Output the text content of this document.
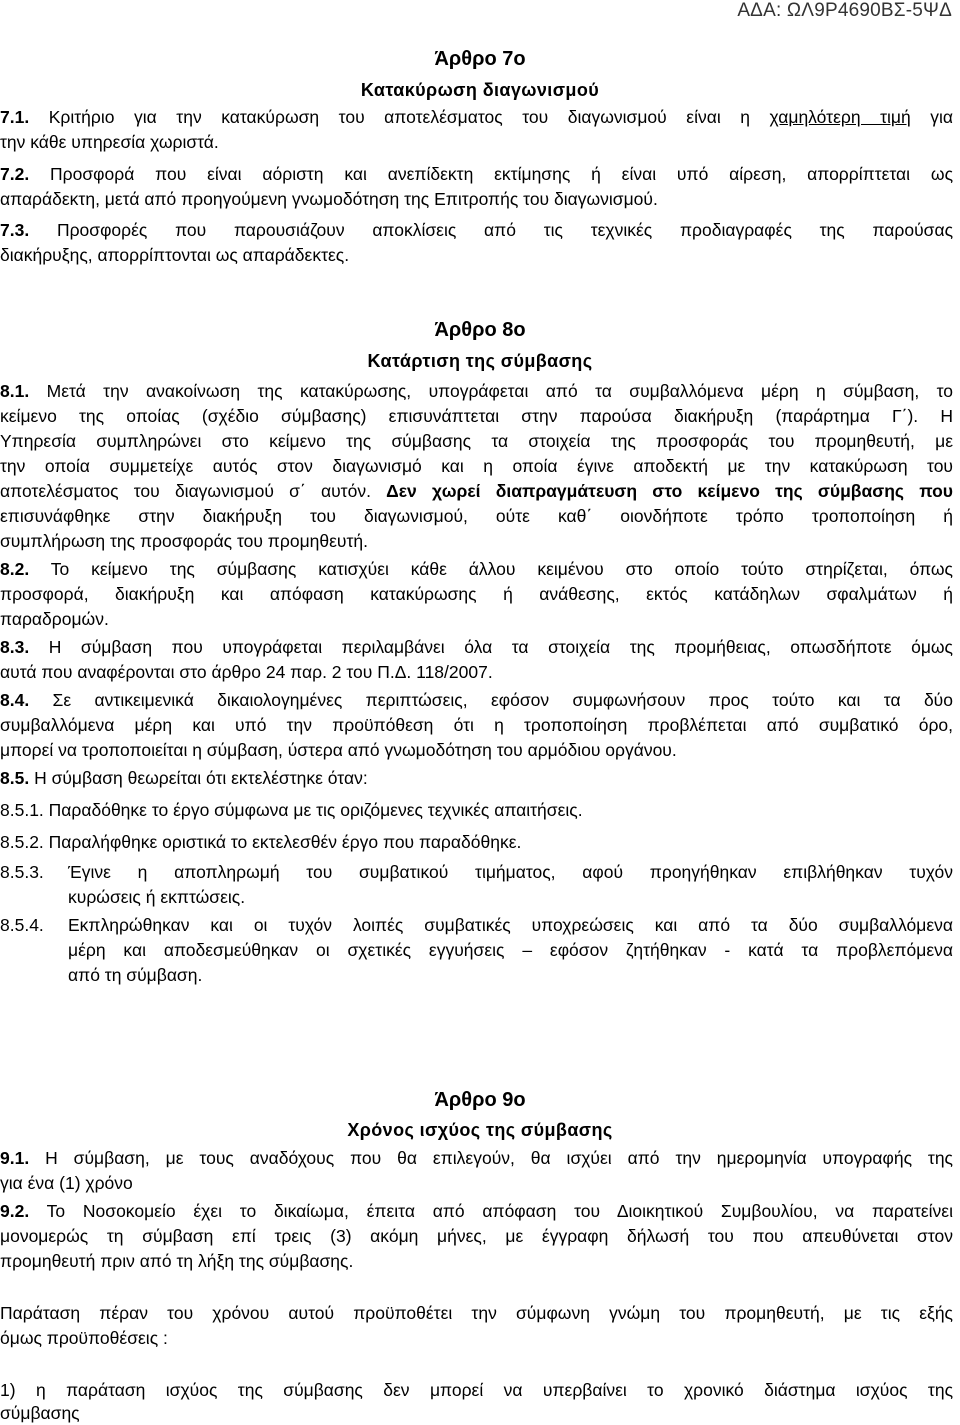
ΑΔΑ: ΩΛ9Ρ4690ΒΣ-5ΨΔ
Άρθρο 7ο
Κατακύρωση διαγωνισμού
7.1. Κριτήριο για την κατακύρωση του αποτελέσματος του διαγωνισμού είναι η χαμηλότερη τιμή για
την κάθε υπηρεσία χωριστά.
7.2. Προσφορά που είναι αόριστη και ανεπίδεκτη εκτίμησης ή είναι υπό αίρεση, απορρίπτεται ως
απαράδεκτη, μετά από προηγούμενη γνωμοδότηση της Επιτροπής του διαγωνισμού.
7.3. Προσφορές που παρουσιάζουν αποκλίσεις από τις τεχνικές προδιαγραφές της παρούσας
διακήρυξης, απορρίπτονται ως απαράδεκτες.
Άρθρο 8ο
Κατάρτιση της σύμβασης
8.1. Μετά την ανακοίνωση της κατακύρωσης, υπογράφεται από τα συμβαλλόμενα μέρη η σύμβαση, το
κείμενο της οποίας (σχέδιο σύμβασης) επισυνάπτεται στην παρούσα διακήρυξη (παράρτημα Γ΄). Η
Υπηρεσία συμπληρώνει στο κείμενο της σύμβασης τα στοιχεία της προσφοράς του προμηθευτή, με
την οποία συμμετείχε αυτός στον διαγωνισμό και η οποία έγινε αποδεκτή με την κατακύρωση του
αποτελέσματος του διαγωνισμού σ΄ αυτόν. Δεν χωρεί διαπραγμάτευση στο κείμενο της σύμβασης που
επισυνάφθηκε στην διακήρυξη του διαγωνισμού, ούτε καθ΄ οιονδήποτε τρόπο τροποποίηση ή
συμπλήρωση της προσφοράς του προμηθευτή.
8.2. Το κείμενο της σύμβασης κατισχύει κάθε άλλου κειμένου στο οποίο τούτο στηρίζεται, όπως
προσφορά, διακήρυξη και απόφαση κατακύρωσης ή ανάθεσης, εκτός κατάδηλων σφαλμάτων ή
παραδρομών.
8.3. Η σύμβαση που υπογράφεται περιλαμβάνει όλα τα στοιχεία της προμήθειας, οπωσδήποτε όμως
αυτά που αναφέρονται στο άρθρο 24 παρ. 2 του Π.Δ. 118/2007.
8.4. Σε αντικειμενικά δικαιολογημένες περιπτώσεις, εφόσον συμφωνήσουν προς τούτο και τα δύο
συμβαλλόμενα μέρη και υπό την προϋπόθεση ότι η τροποποίηση προβλέπεται από συμβατικό όρο,
μπορεί να τροποποιείται η σύμβαση, ύστερα από γνωμοδότηση του αρμόδιου οργάνου.
8.5. Η σύμβαση θεωρείται ότι εκτελέστηκε όταν:
8.5.1. Παραδόθηκε το έργο σύμφωνα με τις οριζόμενες τεχνικές απαιτήσεις.
8.5.2. Παραλήφθηκε οριστικά το εκτελεσθέν έργο που παραδόθηκε.
8.5.3. Έγινε η αποπληρωμή του συμβατικού τιμήματος, αφού προηγήθηκαν επιβλήθηκαν τυχόν
κυρώσεις ή εκπτώσεις.
8.5.4. Εκπληρώθηκαν και οι τυχόν λοιπές συμβατικές υποχρεώσεις και από τα δύο συμβαλλόμενα
μέρη και αποδεσμεύθηκαν οι σχετικές εγγυήσεις – εφόσον ζητήθηκαν - κατά τα προβλεπόμενα
από τη σύμβαση.
Άρθρο 9ο
Χρόνος ισχύος της σύμβασης
9.1. Η σύμβαση, με τους αναδόχους που θα επιλεγούν, θα ισχύει από την ημερομηνία υπογραφής της
για ένα (1) χρόνο
9.2. Το Νοσοκομείο έχει το δικαίωμα, έπειτα από απόφαση του Διοικητικού Συμβουλίου, να παρατείνει
μονομερώς τη σύμβαση επί τρεις (3) ακόμη μήνες, με έγγραφη δήλωσή του που απευθύνεται στον
προμηθευτή πριν από τη λήξη της σύμβασης.
Παράταση πέραν του χρόνου αυτού προϋποθέτει την σύμφωνη γνώμη του προμηθευτή, με τις εξής
όμως προϋποθέσεις :
1) η παράταση ισχύος της σύμβασης δεν μπορεί να υπερβαίνει το χρονικό διάστημα ισχύος της
σύμβασης
